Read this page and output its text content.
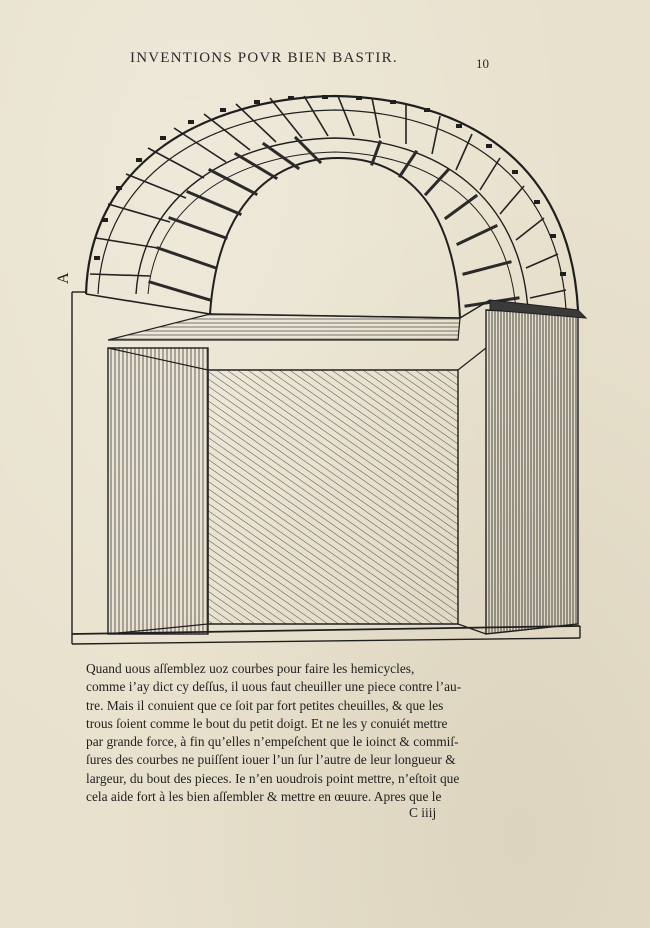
INVENTIONS POVR BIEN BASTIR.	10
A
Quand uous aſſemblez uoz courbes pour faire les hemicycles,
comme i’ay dict cy deſſus, il uous faut cheuiller une piece contre l’au-
tre. Mais il conuient que ce ſoit par fort petites cheuilles, & que les
trous ſoient comme le bout du petit doigt. Et ne les y conuiét mettre
par grande force, à fin qu’elles n’empeſchent que le ioinct & commiſ-
ſures des courbes ne puiſſent iouer l’un ſur l’autre de leur longueur &
largeur, du bout des pieces. Ie n’en uoudrois point mettre, n’eſtoit que
cela aide fort à les bien aſſembler & mettre en œuure. Apres que le
C iiij
